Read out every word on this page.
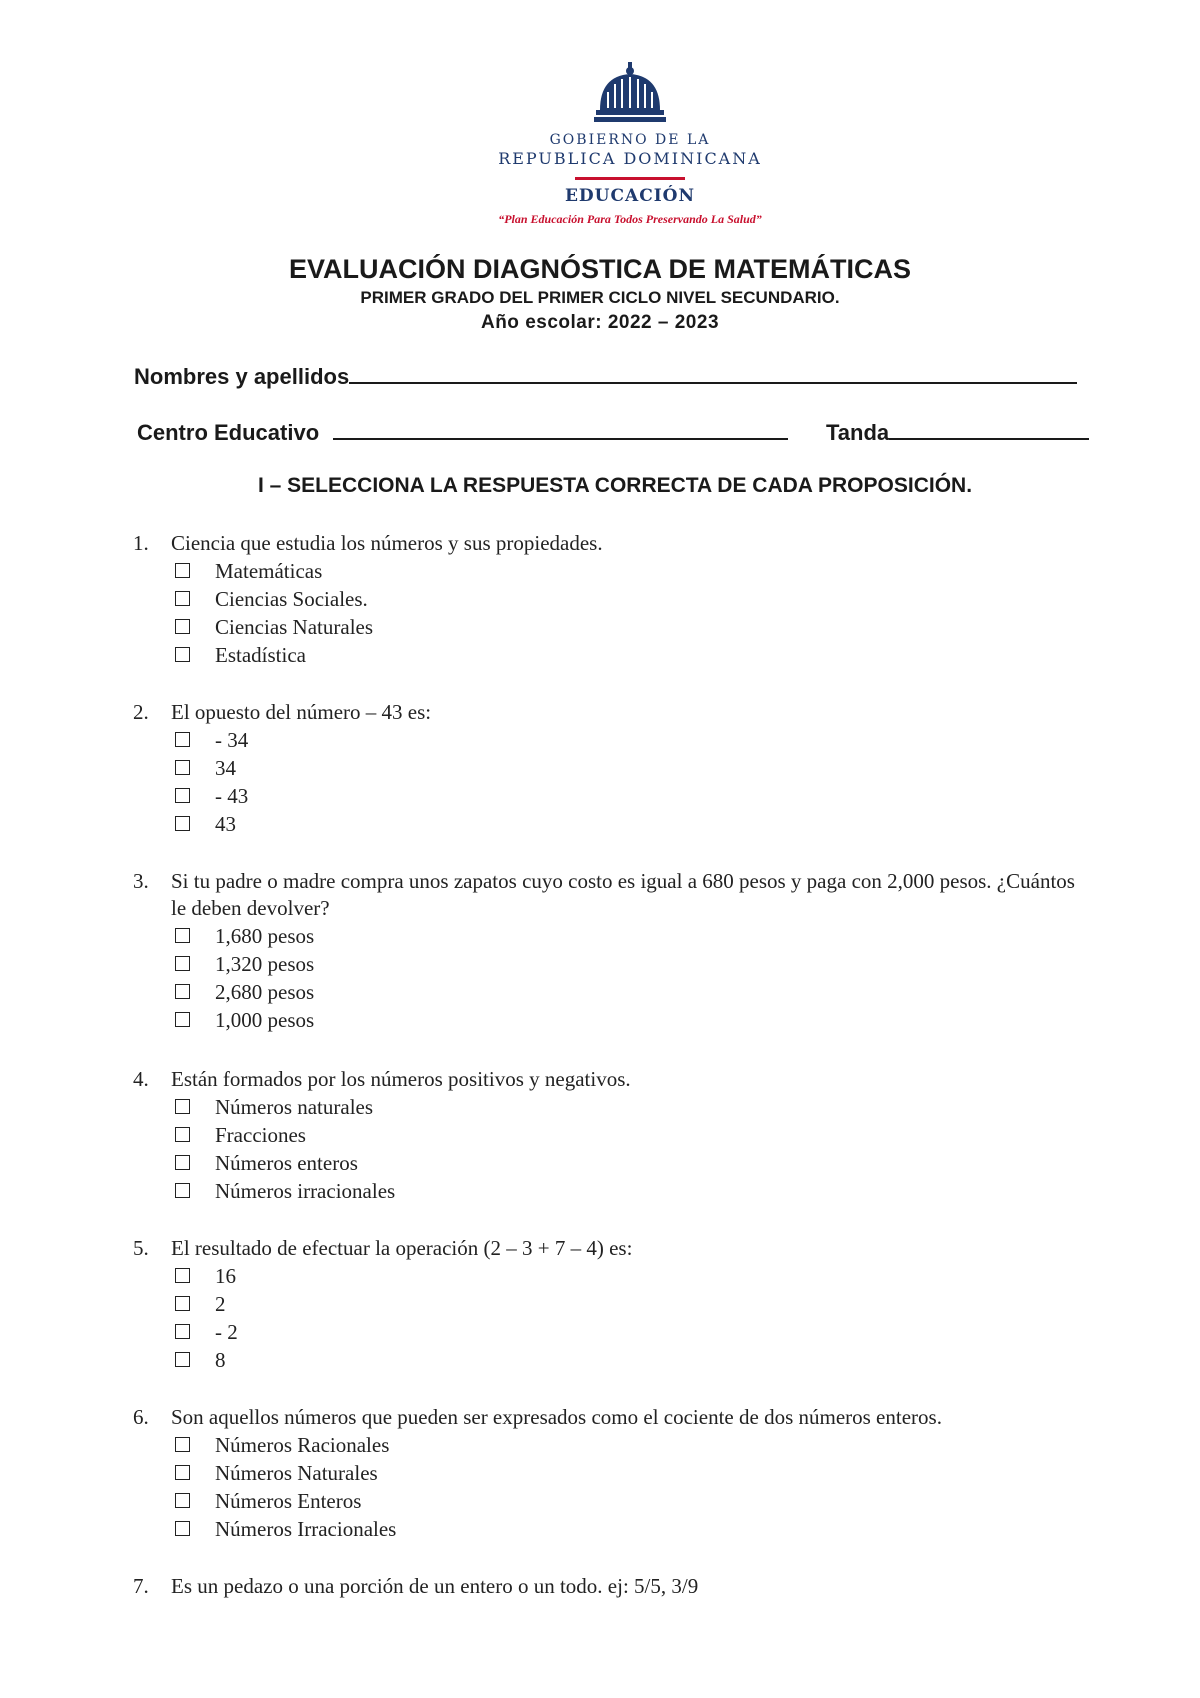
GOBIERNO DE LA
REPUBLICA DOMINICANA
EDUCACIÓN
“Plan Educación Para Todos Preservando La Salud”
EVALUACIÓN DIAGNÓSTICA DE MATEMÁTICAS
PRIMER GRADO DEL PRIMER CICLO NIVEL SECUNDARIO.
Año escolar: 2022 – 2023
Nombres y apellidos
Centro Educativo	Tanda
I – SELECCIONA LA RESPUESTA CORRECTA DE CADA PROPOSICIÓN.
1. Ciencia que estudia los números y sus propiedades.
Matemáticas
Ciencias Sociales.
Ciencias Naturales
Estadística
2. El opuesto del número – 43 es:
- 34
34
- 43
43
3. Si tu padre o madre compra unos zapatos cuyo costo es igual a 680 pesos y paga con 2,000 pesos. ¿Cuántos le deben devolver?
1,680 pesos
1,320 pesos
2,680 pesos
1,000 pesos
4. Están formados por los números positivos y negativos.
Números naturales
Fracciones
Números enteros
Números irracionales
5. El resultado de efectuar la operación (2 – 3 + 7 – 4) es:
16
2
- 2
8
6. Son aquellos números que pueden ser expresados como el cociente de dos números enteros.
Números Racionales
Números Naturales
Números Enteros
Números Irracionales
7. Es un pedazo o una porción de un entero o un todo. ej: 5/5, 3/9
